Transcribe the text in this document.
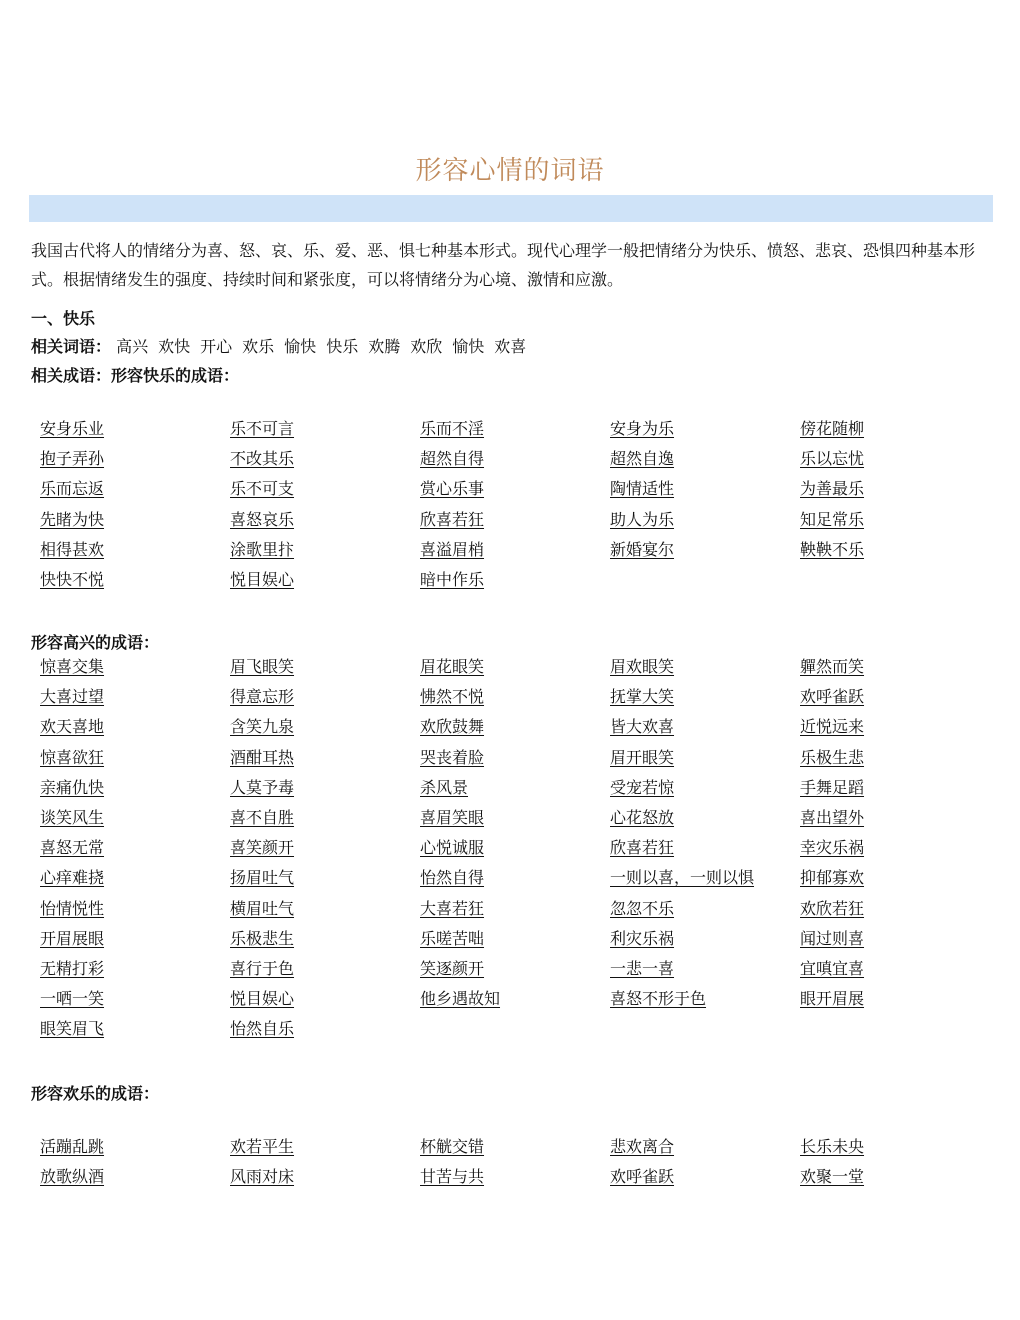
形容心情的词语

我国古代将人的情绪分为喜、怒、哀、乐、爱、恶、惧七种基本形式。现代心理学一般把情绪分为快乐、愤怒、悲哀、恐惧四种基本形式。根据情绪发生的强度、持续时间和紧张度，可以将情绪分为心境、激情和应激。

一、快乐
相关词语： 高兴 欢快 开心 欢乐 愉快 快乐 欢腾 欢欣 愉快 欢喜
相关成语：形容快乐的成语：
安身乐业	乐不可言	乐而不淫	安身为乐	傍花随柳
抱子弄孙	不改其乐	超然自得	超然自逸	乐以忘忧
乐而忘返	乐不可支	赏心乐事	陶情适性	为善最乐
先睹为快	喜怒哀乐	欣喜若狂	助人为乐	知足常乐
相得甚欢	涂歌里抃	喜溢眉梢	新婚宴尔	鞅鞅不乐
快快不悦	悦目娱心	暗中作乐
形容高兴的成语：
惊喜交集	眉飞眼笑	眉花眼笑	眉欢眼笑	軃然而笑
大喜过望	得意忘形	怫然不悦	抚掌大笑	欢呼雀跃
欢天喜地	含笑九泉	欢欣鼓舞	皆大欢喜	近悦远来
惊喜欲狂	酒酣耳热	哭丧着脸	眉开眼笑	乐极生悲
亲痛仇快	人莫予毒	杀风景	受宠若惊	手舞足蹈
谈笑风生	喜不自胜	喜眉笑眼	心花怒放	喜出望外
喜怒无常	喜笑颜开	心悦诚服	欣喜若狂	幸灾乐祸
心痒难挠	扬眉吐气	怡然自得	一则以喜，一则以惧	抑郁寡欢
怡情悦性	横眉吐气	大喜若狂	忽忽不乐	欢欣若狂
开眉展眼	乐极悲生	乐嗟苦咄	利灾乐祸	闻过则喜
无精打彩	喜行于色	笑逐颜开	一悲一喜	宜嗔宜喜
一哂一笑	悦目娱心	他乡遇故知	喜怒不形于色	眼开眉展
眼笑眉飞	怡然自乐
形容欢乐的成语：
活蹦乱跳	欢若平生	杯觥交错	悲欢离合	长乐未央
放歌纵酒	风雨对床	甘苦与共	欢呼雀跃	欢聚一堂
